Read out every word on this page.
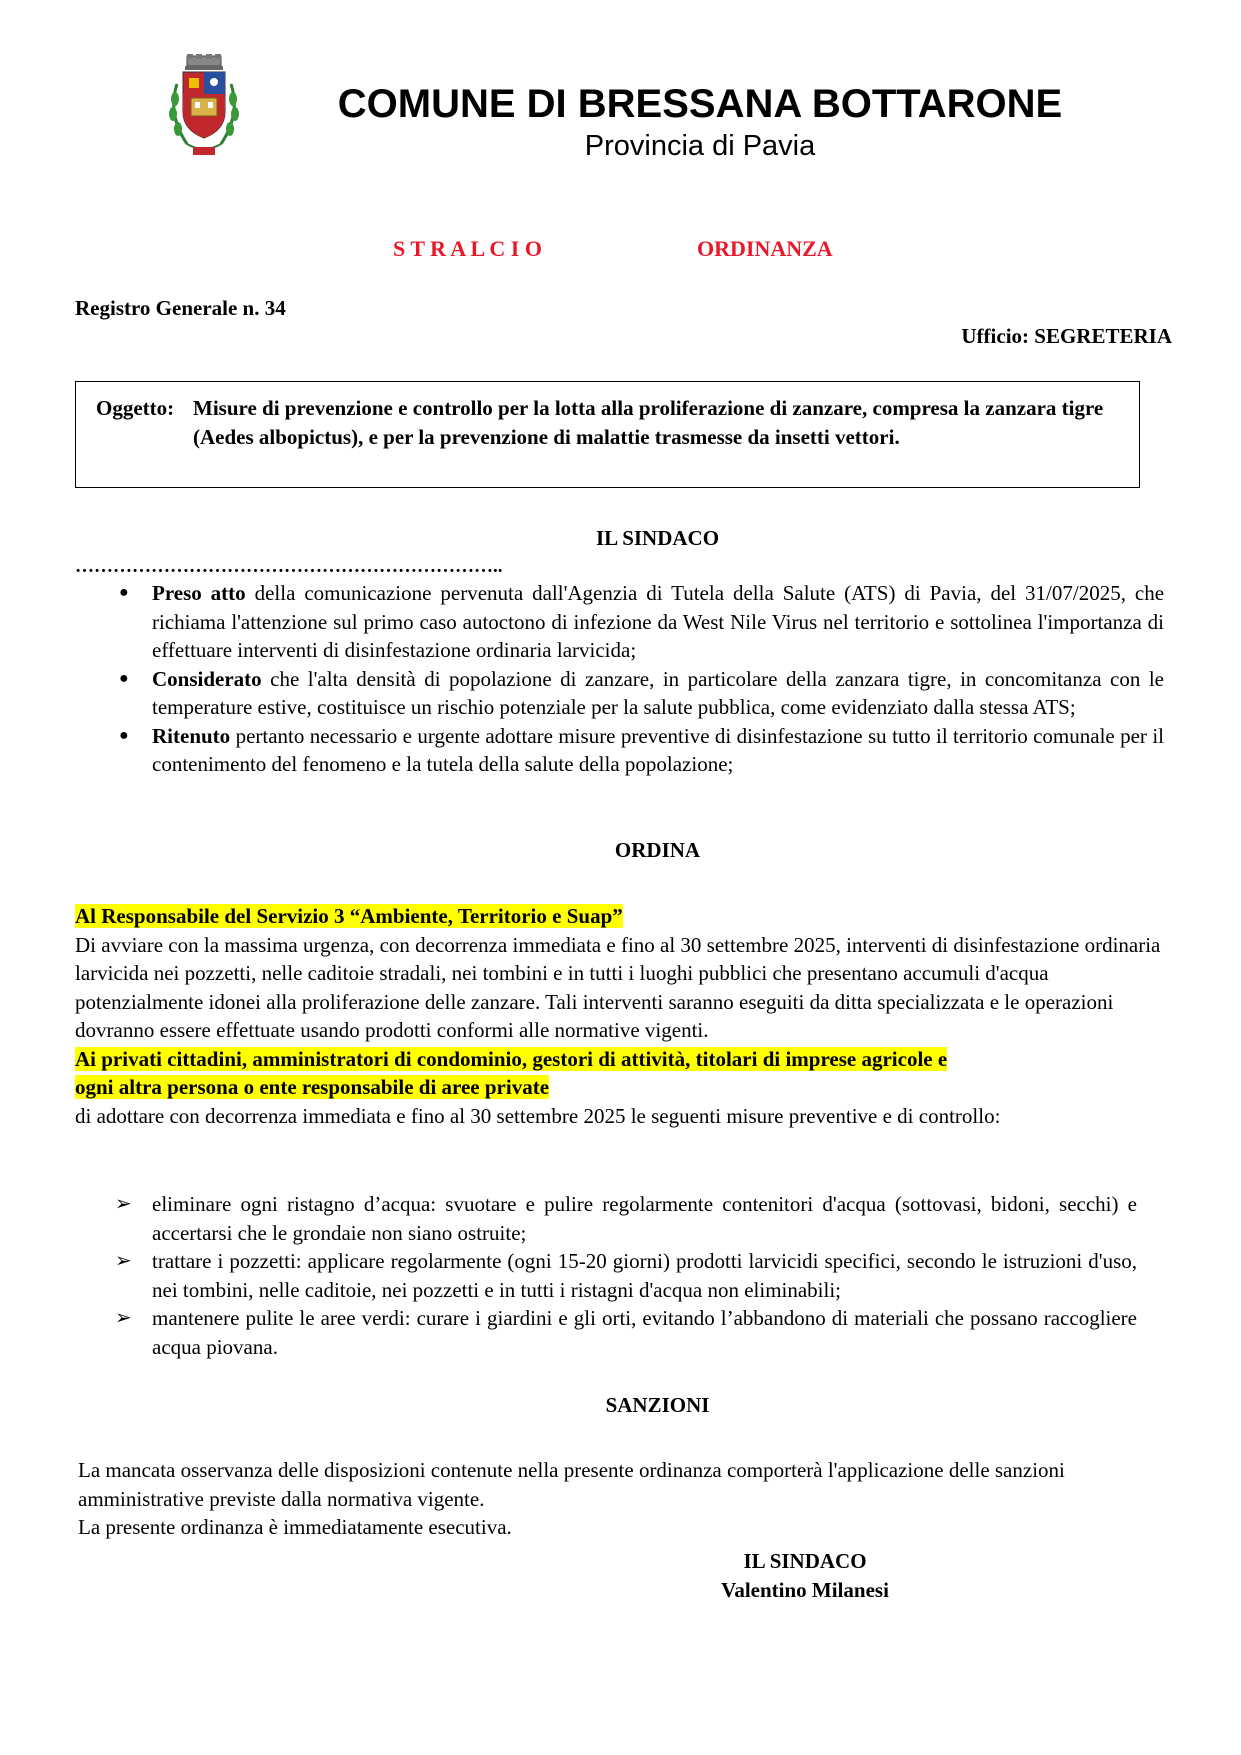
COMUNE DI BRESSANA BOTTARONE
Provincia di Pavia
S T R A L C I O	ORDINANZA
Registro Generale n. 34
Ufficio: SEGRETERIA
Oggetto: Misure di prevenzione e controllo per la lotta alla proliferazione di zanzare, compresa la zanzara tigre (Aedes albopictus), e per la prevenzione di malattie trasmesse da insetti vettori.
IL SINDACO
…………………………………………………………..
● Preso atto della comunicazione pervenuta dall'Agenzia di Tutela della Salute (ATS) di Pavia, del 31/07/2025, che richiama l'attenzione sul primo caso autoctono di infezione da West Nile Virus nel territorio e sottolinea l'importanza di effettuare interventi di disinfestazione ordinaria larvicida;
● Considerato che l'alta densità di popolazione di zanzare, in particolare della zanzara tigre, in concomitanza con le temperature estive, costituisce un rischio potenziale per la salute pubblica, come evidenziato dalla stessa ATS;
● Ritenuto pertanto necessario e urgente adottare misure preventive di disinfestazione su tutto il territorio comunale per il contenimento del fenomeno e la tutela della salute della popolazione;
ORDINA
Al Responsabile del Servizio 3 “Ambiente, Territorio e Suap”
Di avviare con la massima urgenza, con decorrenza immediata e fino al 30 settembre 2025, interventi di disinfestazione ordinaria larvicida nei pozzetti, nelle caditoie stradali, nei tombini e in tutti i luoghi pubblici che presentano accumuli d'acqua potenzialmente idonei alla proliferazione delle zanzare. Tali interventi saranno eseguiti da ditta specializzata e le operazioni dovranno essere effettuate usando prodotti conformi alle normative vigenti.
Ai privati cittadini, amministratori di condominio, gestori di attività, titolari di imprese agricole e
ogni altra persona o ente responsabile di aree private
di adottare con decorrenza immediata e fino al 30 settembre 2025 le seguenti misure preventive e di controllo:
➢ eliminare ogni ristagno d’acqua: svuotare e pulire regolarmente contenitori d'acqua (sottovasi, bidoni, secchi) e accertarsi che le grondaie non siano ostruite;
➢ trattare i pozzetti: applicare regolarmente (ogni 15-20 giorni) prodotti larvicidi specifici, secondo le istruzioni d'uso, nei tombini, nelle caditoie, nei pozzetti e in tutti i ristagni d'acqua non eliminabili;
➢ mantenere pulite le aree verdi: curare i giardini e gli orti, evitando l’abbandono di materiali che possano raccogliere acqua piovana.
SANZIONI
La mancata osservanza delle disposizioni contenute nella presente ordinanza comporterà l'applicazione delle sanzioni amministrative previste dalla normativa vigente.
La presente ordinanza è immediatamente esecutiva.
IL SINDACO
Valentino Milanesi
